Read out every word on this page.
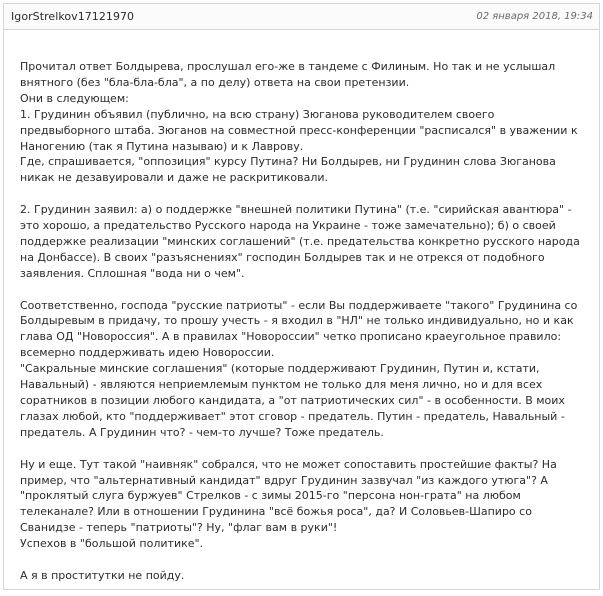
IgorStrelkov17121970	02 января 2018, 19:34

Прочитал ответ Болдырева, прослушал его-же в тандеме с Филиным. Но так и не услышал внятного (без "бла-бла-бла", а по делу) ответа на свои претензии.
Они в следующем:
1. Грудинин объявил (публично, на всю страну) Зюганова руководителем своего предвыборного штаба. Зюганов на совместной пресс-конференции "расписался" в уважении к Наногению (так я Путина называю) и к Лаврову.
Где, спрашивается, "оппозиция" курсу Путина? Ни Болдырев, ни Грудинин слова Зюганова никак не дезавуировали и даже не раскритиковали.

2. Грудинин заявил: а) о поддержке "внешней политики Путина" (т.е. "сирийская авантюра" - это хорошо, а предательство Русского народа на Украине - тоже замечательно); б) о своей поддержке реализации "минских соглашений" (т.е. предательства конкретно русского народа на Донбассе). В своих "разъяснениях" господин Болдырев так и не отрекся от подобного заявления. Сплошная "вода ни о чем".

Соответственно, господа "русские патриоты" - если Вы поддерживаете "такого" Грудинина со Болдыревым в придачу, то прошу учесть - я входил в "НЛ" не только индивидуально, но и как глава ОД "Новороссия". А в правилах "Новороссии" четко прописано краеугольное правило: всемерно поддерживать идею Новороссии.
"Сакральные минские соглашения" (которые поддерживают Грудинин, Путин и, кстати, Навальный) - являются неприемлемым пунктом не только для меня лично, но и для всех соратников в позиции любого кандидата, а "от патриотических сил" - в особенности. В моих глазах любой, кто "поддерживает" этот сговор - предатель. Путин - предатель, Навальный - предатель. А Грудинин что? - чем-то лучше? Тоже предатель.

Ну и еще. Тут такой "наивняк" собрался, что не может сопоставить простейшие факты? На пример, что "альтернативный кандидат" вдруг Грудинин зазвучал "из каждого утюга"? А "проклятый слуга буржуев" Стрелков - с зимы 2015-го "персона нон-грата" на любом телеканале? Или в отношении Грудинина "всё божья роса", да? И Соловьев-Шапиро со Сванидзе - теперь "патриоты"? Ну, "флаг вам в руки"!
Успехов в "большой политике".

А я в проститутки не пойду.
